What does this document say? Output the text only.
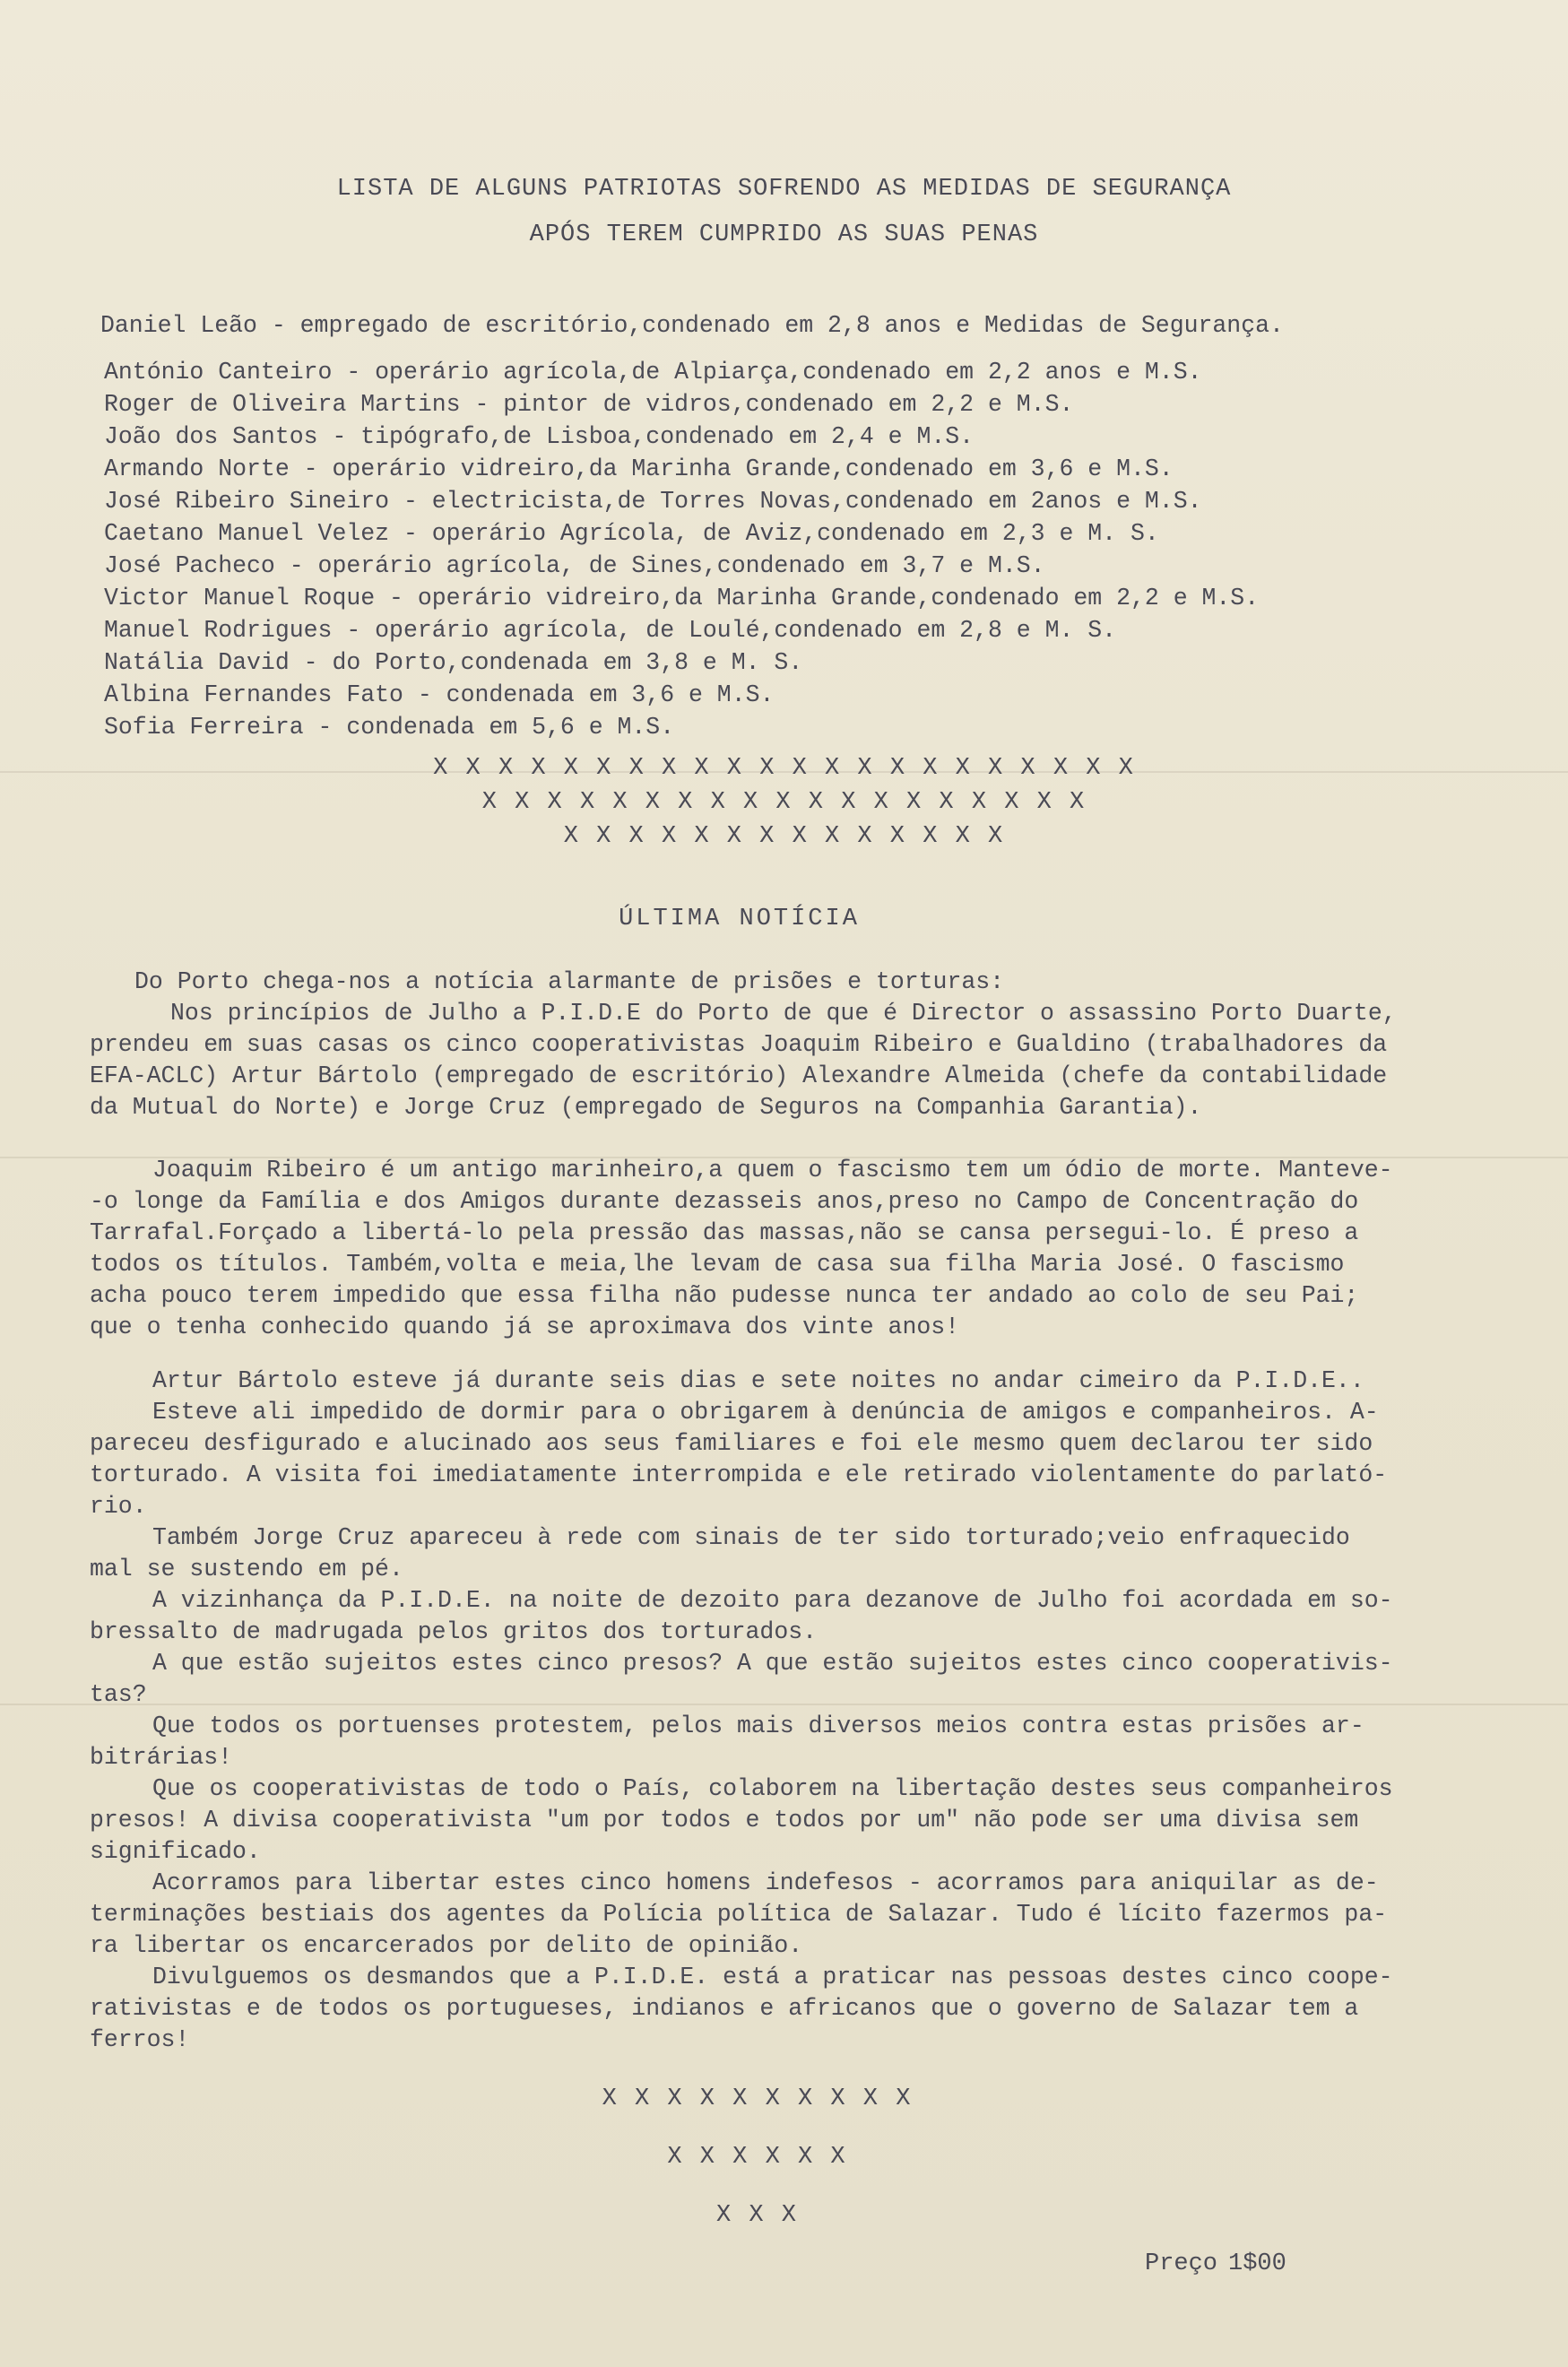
LISTA DE ALGUNS PATRIOTAS SOFRENDO AS MEDIDAS DE SEGURANÇA
APÓS TEREM CUMPRIDO AS SUAS PENAS
Daniel Leão - empregado de escritório,condenado em 2,8 anos e Medidas de Segurança.
António Canteiro - operário agrícola,de Alpiarça,condenado em 2,2 anos e M.S.
Roger de Oliveira Martins - pintor de vidros,condenado em 2,2 e M.S.
João dos Santos - tipógrafo,de Lisboa,condenado em 2,4 e M.S.
Armando Norte - operário vidreiro,da Marinha Grande,condenado em 3,6 e M.S.
José Ribeiro Sineiro - electricista,de Torres Novas,condenado em 2anos e M.S.
Caetano Manuel Velez - operário Agrícola, de Aviz,condenado em 2,3 e M. S.
José Pacheco - operário agrícola, de Sines,condenado em 3,7 e M.S.
Victor Manuel Roque - operário vidreiro,da Marinha Grande,condenado em 2,2 e M.S.
Manuel Rodrigues - operário agrícola, de Loulé,condenado em 2,8 e M. S.
Natália David - do Porto,condenada em 3,8 e M. S.
Albina Fernandes Fato - condenada em 3,6 e M.S.
Sofia Ferreira - condenada em 5,6 e M.S.
X X X X X X X X X X X X X X X X X X X X X X
X X X X X X X X X X X X X X X X X X X
X X X X X X X X X X X X X X
ÚLTIMA NOTÍCIA
Do Porto chega-nos a notícia alarmante de prisões e torturas:
Nos princípios de Julho a P.I.D.E do Porto de que é Director o assassino Porto Duarte,
prendeu em suas casas os cinco cooperativistas Joaquim Ribeiro e Gualdino (trabalhadores da
EFA-ACLC) Artur Bártolo (empregado de escritório) Alexandre Almeida (chefe da contabilidade
da Mutual do Norte) e Jorge Cruz (empregado de Seguros na Companhia Garantia).
Joaquim Ribeiro é um antigo marinheiro,a quem o fascismo tem um ódio de morte. Manteve-
-o longe da Família e dos Amigos durante dezasseis anos,preso no Campo de Concentração do
Tarrafal.Forçado a libertá-lo pela pressão das massas,não se cansa persegui-lo. É preso a
todos os títulos. Também,volta e meia,lhe levam de casa sua filha Maria José. O fascismo
acha pouco terem impedido que essa filha não pudesse nunca ter andado ao colo de seu Pai;
que o tenha conhecido quando já se aproximava dos vinte anos!
Artur Bártolo esteve já durante seis dias e sete noites no andar cimeiro da P.I.D.E..
Esteve ali impedido de dormir para o obrigarem à denúncia de amigos e companheiros. A-
pareceu desfigurado e alucinado aos seus familiares e foi ele mesmo quem declarou ter sido
torturado. A visita foi imediatamente interrompida e ele retirado violentamente do parlató-
rio.
Também Jorge Cruz apareceu à rede com sinais de ter sido torturado;veio enfraquecido
mal se sustendo em pé.
A vizinhança da P.I.D.E. na noite de dezoito para dezanove de Julho foi acordada em so-
bressalto de madrugada pelos gritos dos torturados.
A que estão sujeitos estes cinco presos? A que estão sujeitos estes cinco cooperativis-
tas?
Que todos os portuenses protestem, pelos mais diversos meios contra estas prisões ar-
bitrárias!
Que os cooperativistas de todo o País, colaborem na libertação destes seus companheiros
presos! A divisa cooperativista "um por todos e todos por um" não pode ser uma divisa sem
significado.
Acorramos para libertar estes cinco homens indefesos - acorramos para aniquilar as de-
terminações bestiais dos agentes da Polícia política de Salazar. Tudo é lícito fazermos pa-
ra libertar os encarcerados por delito de opinião.
Divulguemos os desmandos que a P.I.D.E. está a praticar nas pessoas destes cinco coope-
rativistas e de todos os portugueses, indianos e africanos que o governo de Salazar tem a
ferros!
X X X X X X X X X X
X X X X X X
X X X
Preço 1$00
